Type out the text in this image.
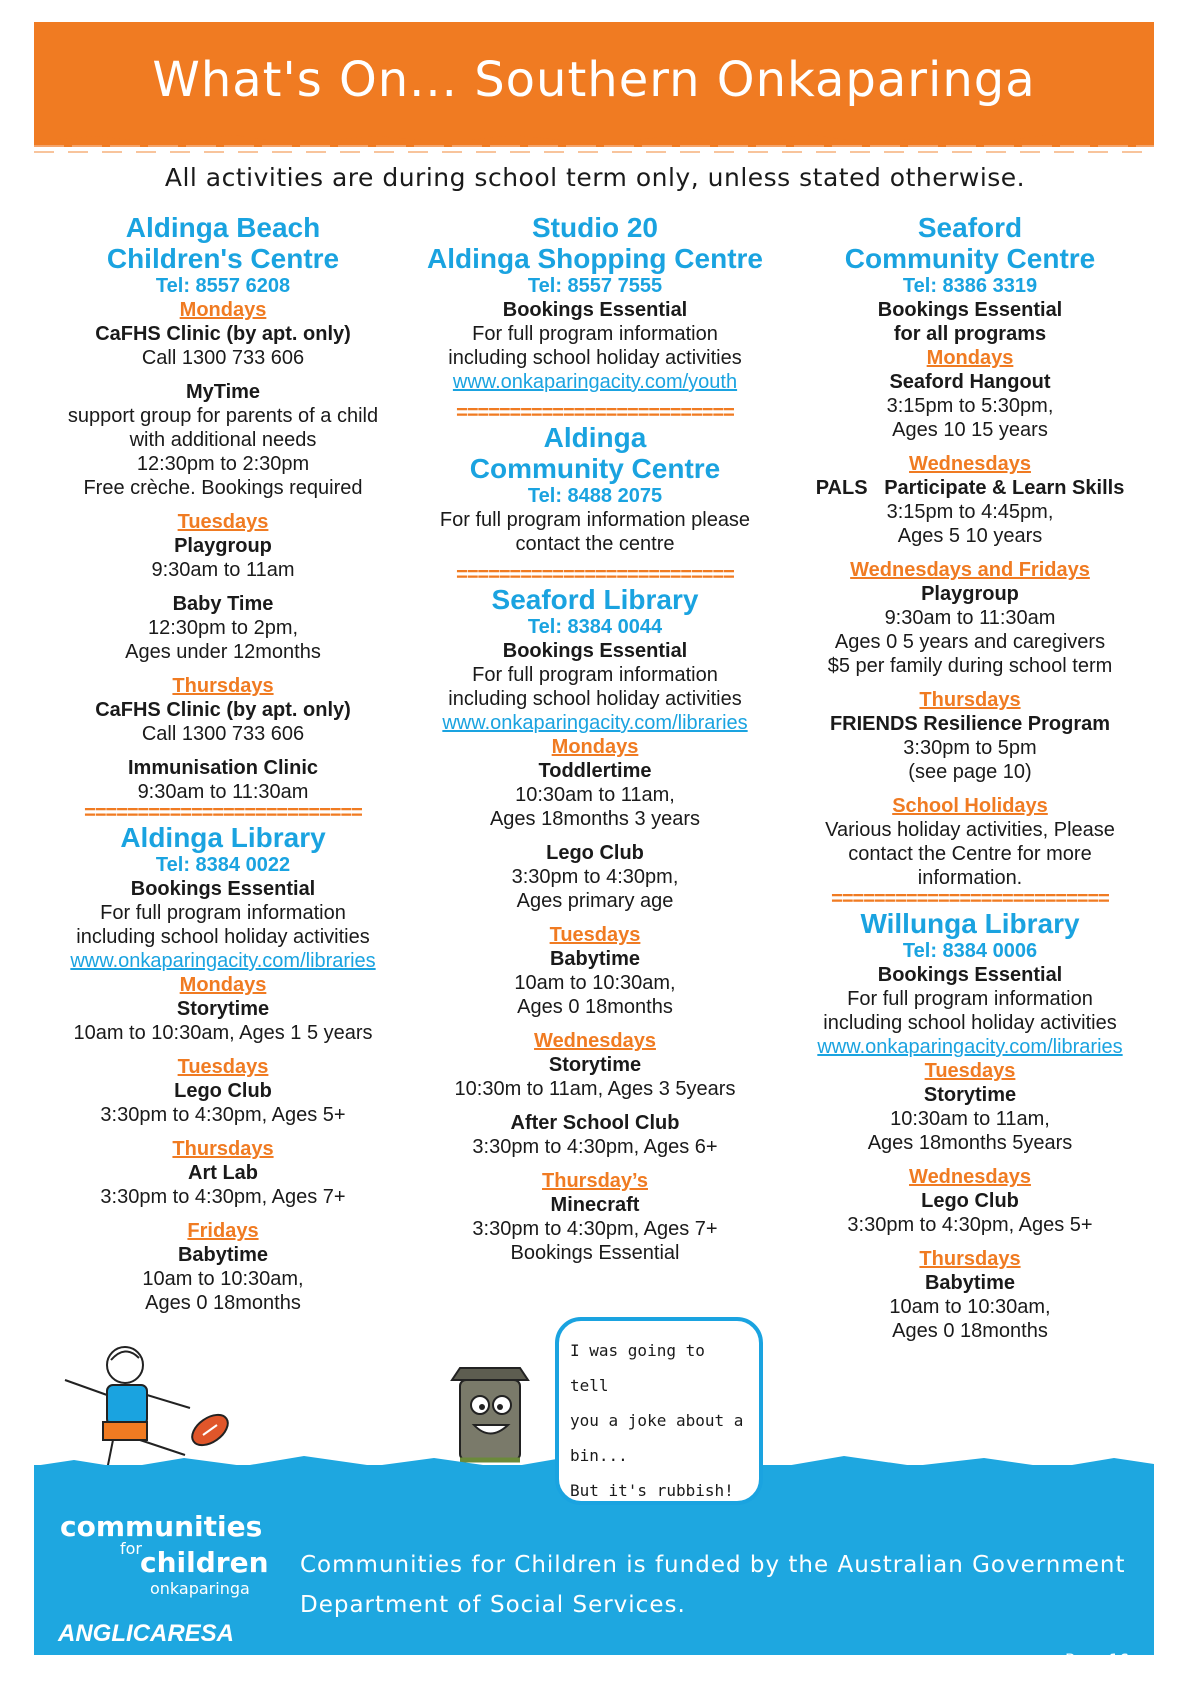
What's On... Southern Onkaparinga
All activities are during school term only, unless stated otherwise.
Aldinga Beach
Children's Centre
Tel: 8557 6208
Mondays
CaFHS Clinic (by apt. only)
Call 1300 733 606
MyTime
support group for parents of a child
with additional needs
12:30pm to 2:30pm
Free crèche. Bookings required
Tuesdays
Playgroup
9:30am to 11am
Baby Time
12:30pm to 2pm,
Ages under 12months
Thursdays
CaFHS Clinic (by apt. only)
Call 1300 733 606
Immunisation Clinic
9:30am to 11:30am
==========================
Aldinga Library
Tel: 8384 0022
Bookings Essential
For full program information
including school holiday activities
www.onkaparingacity.com/libraries
Mondays
Storytime
10am to 10:30am, Ages 1 5 years
Tuesdays
Lego Club
3:30pm to 4:30pm, Ages 5+
Thursdays
Art Lab
3:30pm to 4:30pm, Ages 7+
Fridays
Babytime
10am to 10:30am,
Ages 0 18months
Studio 20
Aldinga Shopping Centre
Tel: 8557 7555
Bookings Essential
For full program information
including school holiday activities
www.onkaparingacity.com/youth
==========================
Aldinga
Community Centre
Tel: 8488 2075
For full program information please
contact the centre
==========================
Seaford Library
Tel: 8384 0044
Bookings Essential
For full program information
including school holiday activities
www.onkaparingacity.com/libraries
Mondays
Toddlertime
10:30am to 11am,
Ages 18months 3 years
Lego Club
3:30pm to 4:30pm,
Ages primary age
Tuesdays
Babytime
10am to 10:30am,
Ages 0 18months
Wednesdays
Storytime
10:30m to 11am, Ages 3 5years
After School Club
3:30pm to 4:30pm, Ages 6+
Thursday’s
Minecraft
3:30pm to 4:30pm, Ages 7+
Bookings Essential
Seaford
Community Centre
Tel: 8386 3319
Bookings Essential
for all programs
Mondays
Seaford Hangout
3:15pm to 5:30pm,
Ages 10 15 years
Wednesdays
PALS   Participate & Learn Skills
3:15pm to 4:45pm,
Ages 5 10 years
Wednesdays and Fridays
Playgroup
9:30am to 11:30am
Ages 0 5 years and caregivers
$5 per family during school term
Thursdays
FRIENDS Resilience Program
3:30pm to 5pm
(see page 10)
School Holidays
Various holiday activities, Please
contact the Centre for more
information.
==========================
Willunga Library
Tel: 8384 0006
Bookings Essential
For full program information
including school holiday activities
www.onkaparingacity.com/libraries
Tuesdays
Storytime
10:30am to 11am,
Ages 18months 5years
Wednesdays
Lego Club
3:30pm to 4:30pm, Ages 5+
Thursdays
Babytime
10am to 10:30am,
Ages 0 18months
I was going to tell
you a joke about a
bin...
But it's rubbish!
communities
for
children
onkaparinga
ANGLICARESA
Communities for Children is funded by the Australian Government
Department of Social Services.
Page 16
